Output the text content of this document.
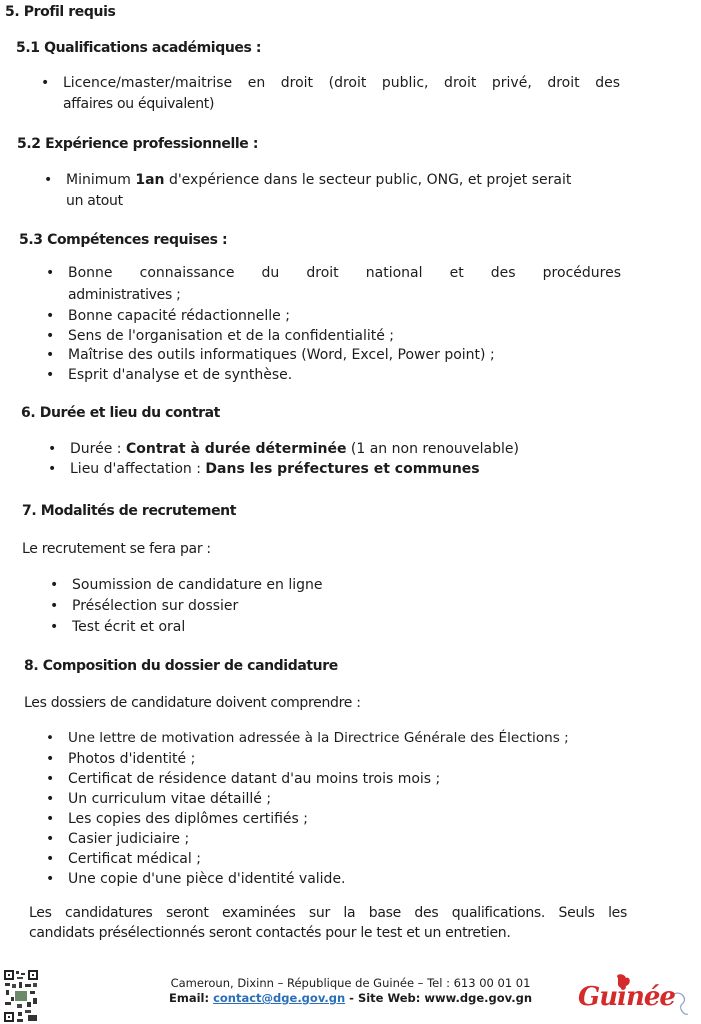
5. Profil requis
5.1 Qualifications académiques :
• Licence/master/maitrise en droit (droit public, droit privé, droit des
affaires ou équivalent)
5.2 Expérience professionnelle :
• Minimum 1an d'expérience dans le secteur public, ONG, et projet serait
un atout
5.3 Compétences requises :
• Bonne connaissance du droit national et des procédures
administratives ;
• Bonne capacité rédactionnelle ;
• Sens de l'organisation et de la confidentialité ;
• Maîtrise des outils informatiques (Word, Excel, Power point) ;
• Esprit d'analyse et de synthèse.
6. Durée et lieu du contrat
• Durée : Contrat à durée déterminée (1 an non renouvelable)
• Lieu d'affectation : Dans les préfectures et communes
7. Modalités de recrutement
Le recrutement se fera par :
• Soumission de candidature en ligne
• Présélection sur dossier
• Test écrit et oral
8. Composition du dossier de candidature
Les dossiers de candidature doivent comprendre :
• Une lettre de motivation adressée à la Directrice Générale des Élections ;
• Photos d'identité ;
• Certificat de résidence datant d'au moins trois mois ;
• Un curriculum vitae détaillé ;
• Les copies des diplômes certifiés ;
• Casier judiciaire ;
• Certificat médical ;
• Une copie d'une pièce d'identité valide.
Les candidatures seront examinées sur la base des qualifications. Seuls les
candidats présélectionnés seront contactés pour le test et un entretien.
Cameroun, Dixinn – République de Guinée – Tel : 613 00 01 01
Email: contact@dge.gov.gn - Site Web: www.dge.gov.gn	Guinée
